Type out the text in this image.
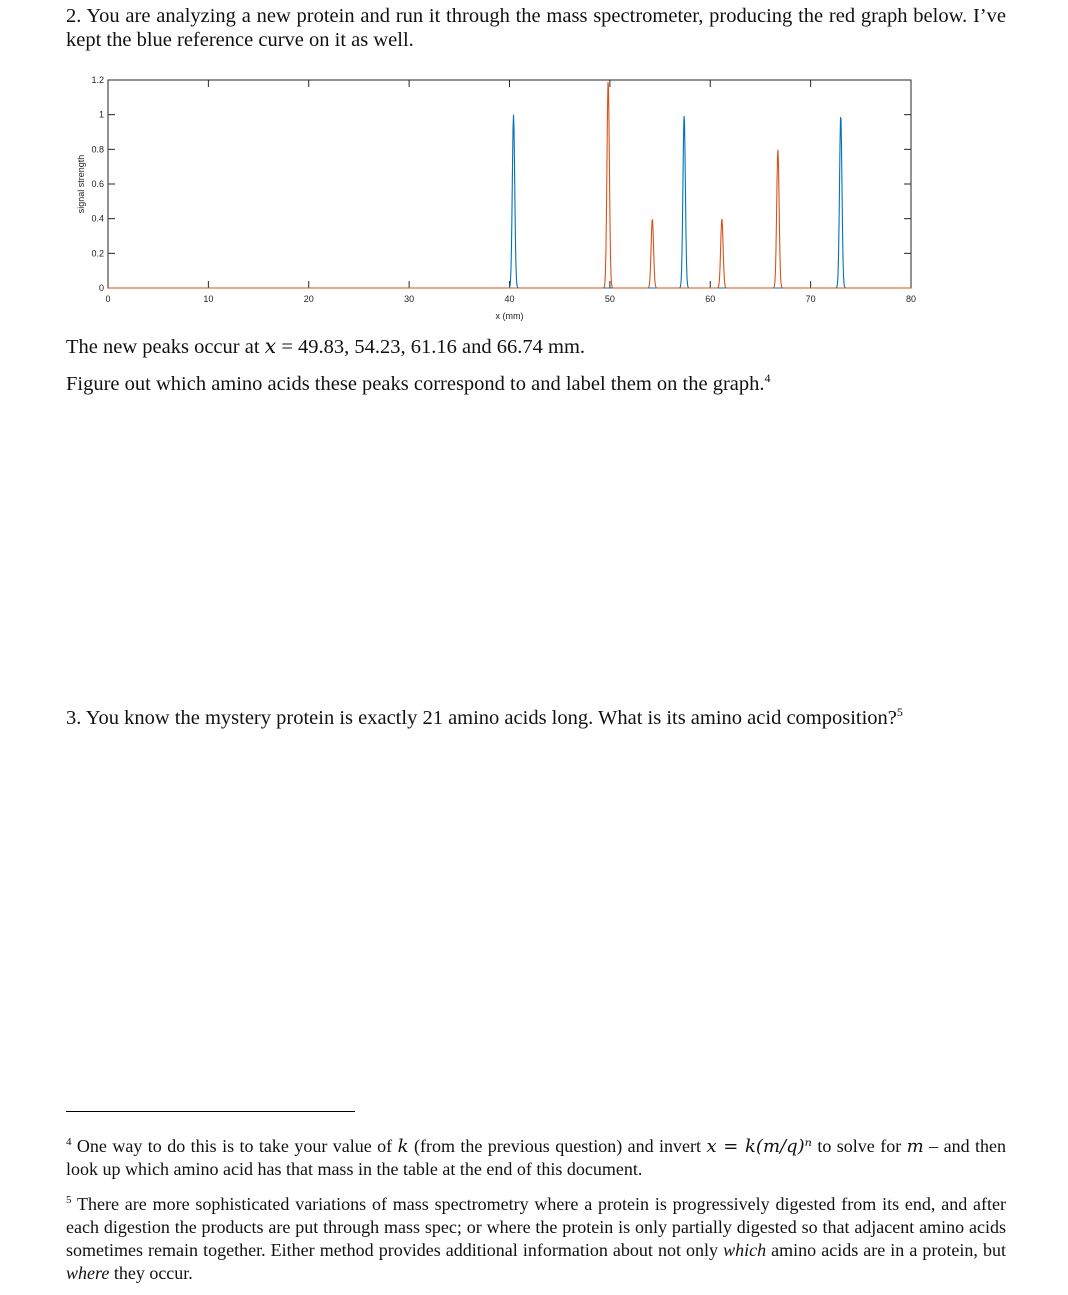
2. You are analyzing a new protein and run it through the mass spectrometer, producing the red graph below. I’ve kept the blue reference curve on it as well.
0	10	20	30	40	50	60	70	80
0
0.2
0.4
0.6
0.8
1
1.2
x (mm)
signal strength
The new peaks occur at x = 49.83, 54.23, 61.16 and 66.74 mm.
Figure out which amino acids these peaks correspond to and label them on the graph.$^4$
3. You know the mystery protein is exactly 21 amino acids long. What is its amino acid composition?$^5$
$^4$ One way to do this is to take your value of k (from the previous question) and invert x = k(m/q)ⁿ to solve for m – and then look up which amino acid has that mass in the table at the end of this document.
$^5$ There are more sophisticated variations of mass spectrometry where a protein is progressively digested from its end, and after each digestion the products are put through mass spec; or where the protein is only partially digested so that adjacent amino acids sometimes remain together. Either method provides additional information about not only which amino acids are in a protein, but where they occur.
